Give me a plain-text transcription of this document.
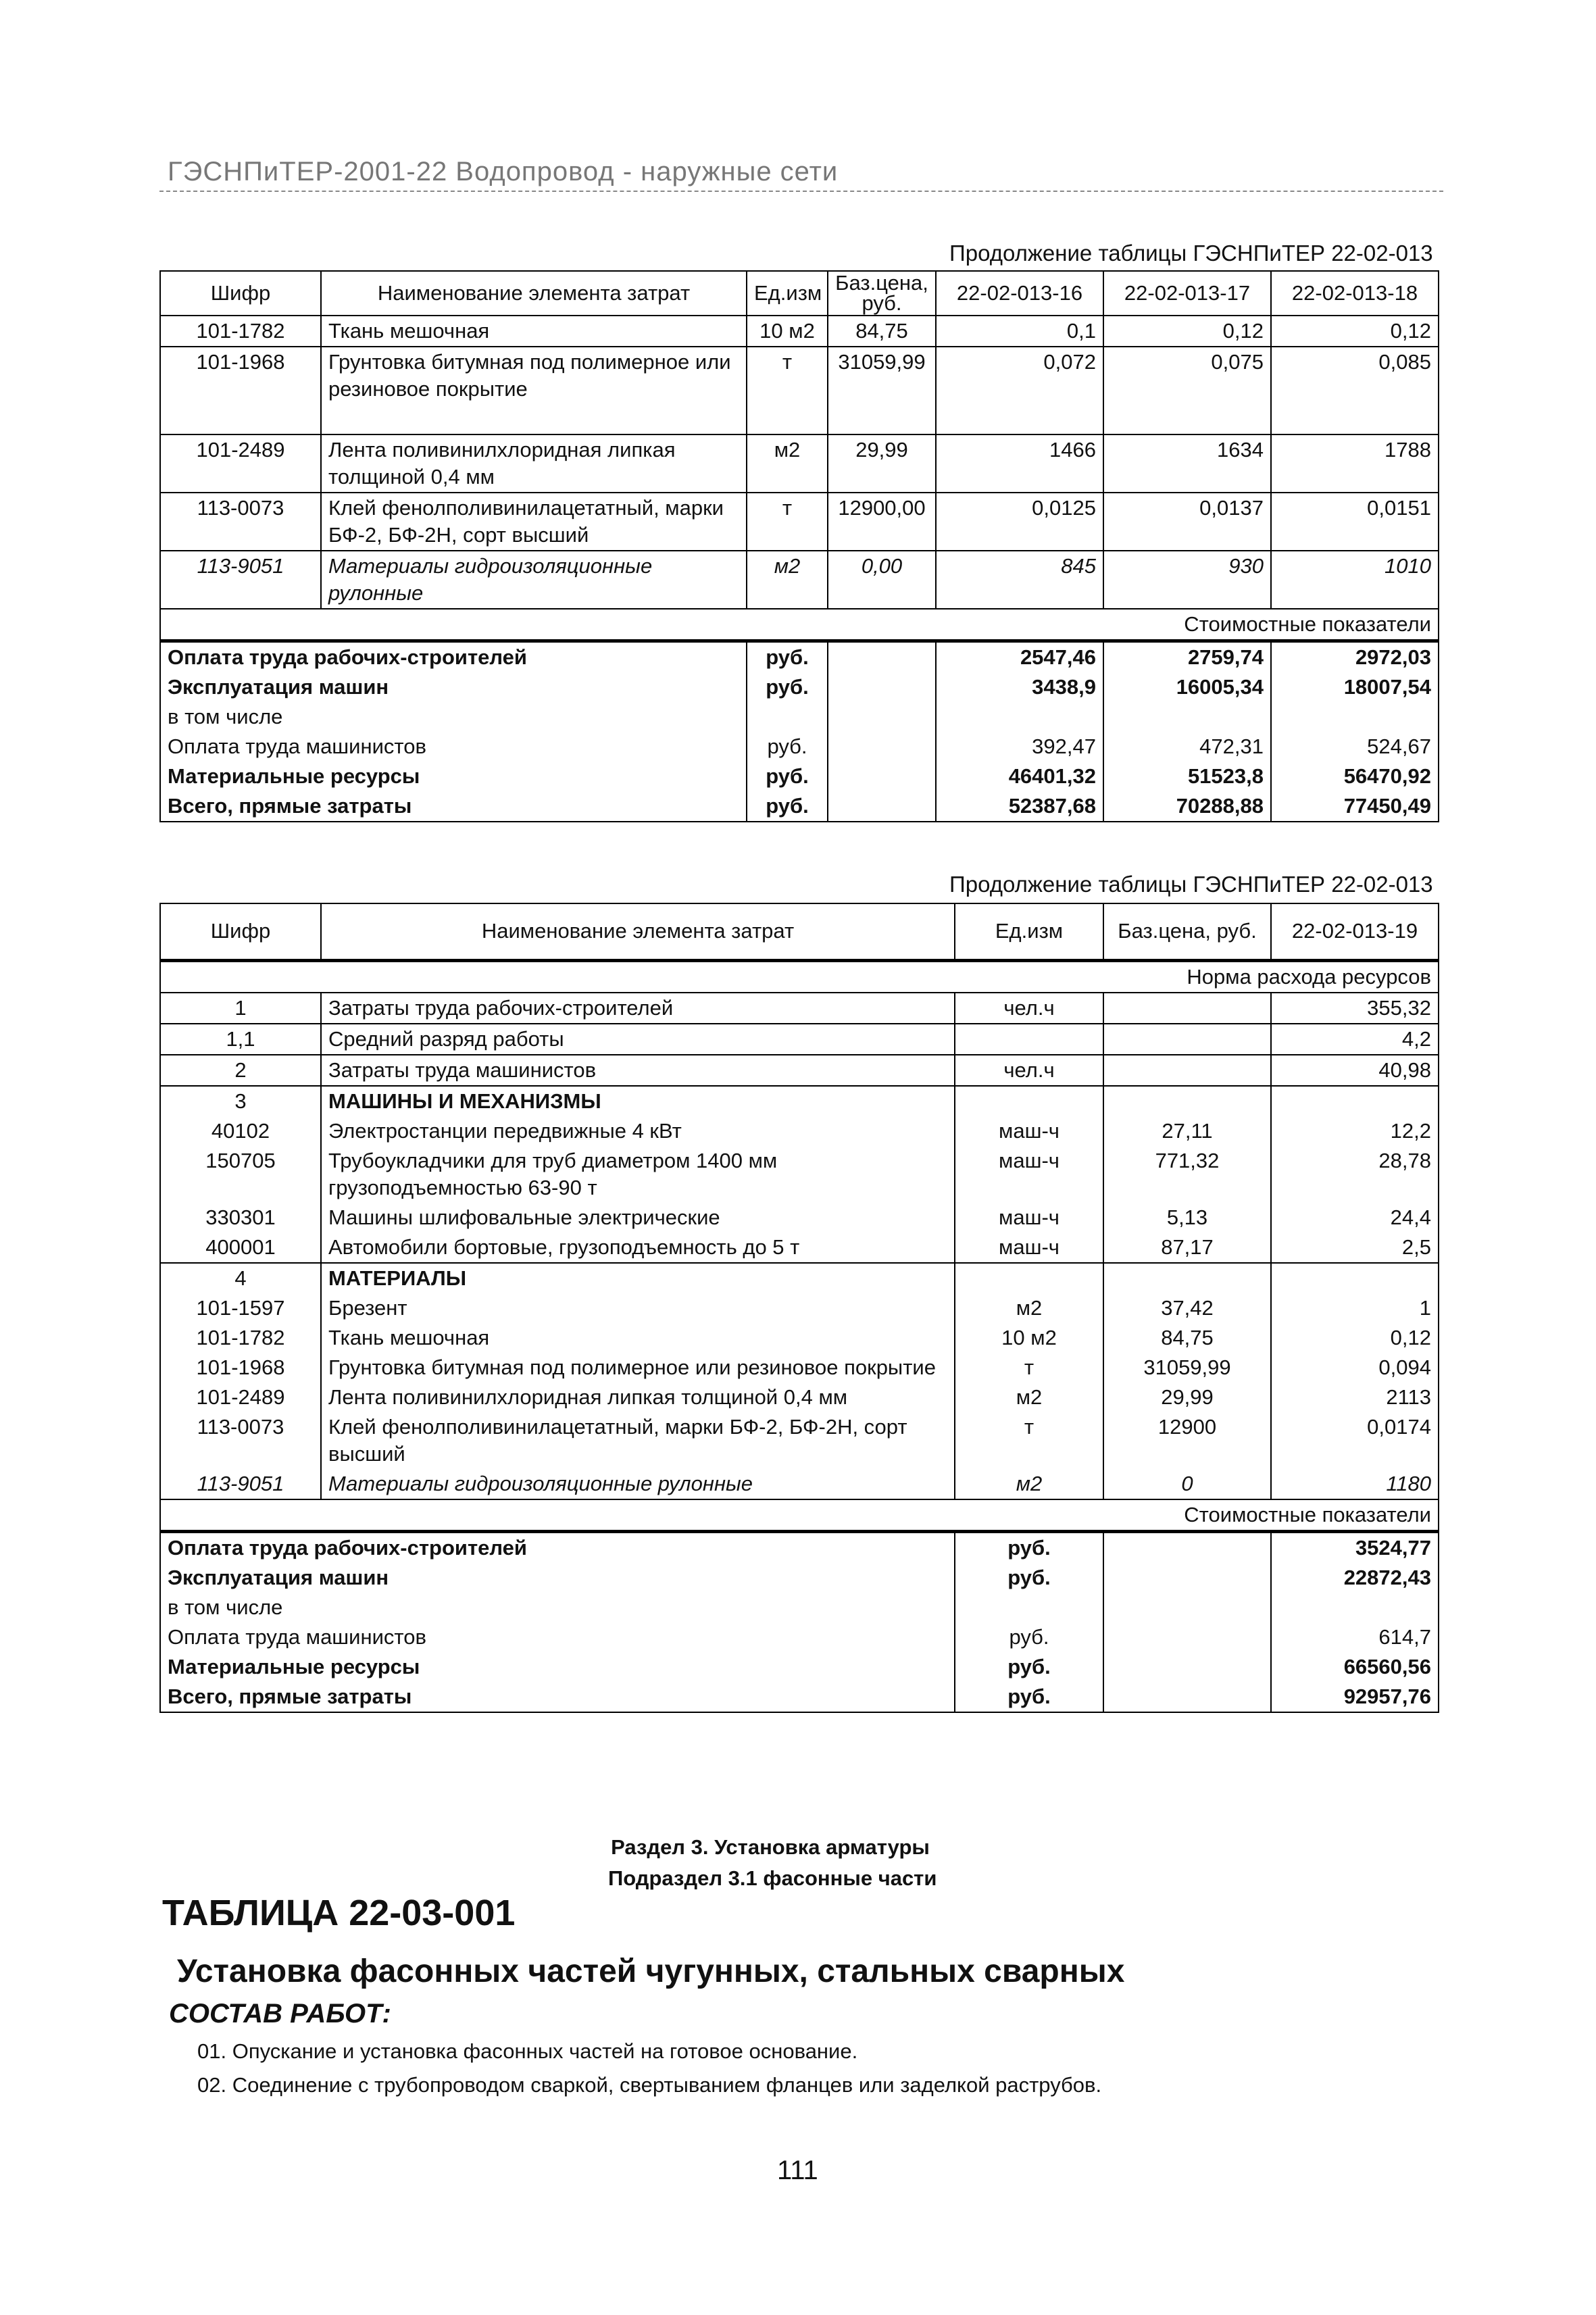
ГЭСНПиТЕР-2001-22 Водопровод - наружные сети
Продолжение таблицы ГЭСНПиТЕР 22-02-013
Шифр	Наименование элемента затрат	Ед.изм	Баз.цена, руб.	22-02-013-16	22-02-013-17	22-02-013-18
101-1782	Ткань мешочная	10 м2	84,75	0,1	0,12	0,12
101-1968	Грунтовка битумная под полимерное или резиновое покрытие	т	31059,99	0,072	0,075	0,085
101-2489	Лента поливинилхлоридная липкая толщиной 0,4 мм	м2	29,99	1466	1634	1788
113-0073	Клей фенолполивинилацетатный, марки БФ-2, БФ-2Н, сорт высший	т	12900,00	0,0125	0,0137	0,0151
113-9051	Материалы гидроизоляционные рулонные	м2	0,00	845	930	1010
Стоимостные показатели						
Оплата труда рабочих-строителей		руб.		2547,46	2759,74	2972,03
Эксплуатация машин		руб.		3438,9	16005,34	18007,54
в том числе						
Оплата труда машинистов		руб.		392,47	472,31	524,67
Материальные ресурсы		руб.		46401,32	51523,8	56470,92
Всего, прямые затраты		руб.		52387,68	70288,88	77450,49
Продолжение таблицы ГЭСНПиТЕР 22-02-013
Шифр	Наименование элемента затрат	Ед.изм	Баз.цена, руб.	22-02-013-19
Норма расхода ресурсов				
1	Затраты труда рабочих-строителей	чел.ч		355,32
1,1	Средний разряд работы			4,2
2	Затраты труда машинистов	чел.ч		40,98
3	МАШИНЫ И МЕХАНИЗМЫ			
40102	Электростанции передвижные 4 кВт	маш-ч	27,11	12,2
150705	Трубоукладчики для труб диаметром 1400 мм грузоподъемностью 63-90 т	маш-ч	771,32	28,78
330301	Машины шлифовальные электрические	маш-ч	5,13	24,4
400001	Автомобили бортовые, грузоподъемность до 5 т	маш-ч	87,17	2,5
4	МАТЕРИАЛЫ			
101-1597	Брезент	м2	37,42	1
101-1782	Ткань мешочная	10 м2	84,75	0,12
101-1968	Грунтовка битумная под полимерное или резиновое покрытие	т	31059,99	0,094
101-2489	Лента поливинилхлоридная липкая толщиной 0,4 мм	м2	29,99	2113
113-0073	Клей фенолполивинилацетатный, марки БФ-2, БФ-2Н, сорт высший	т	12900	0,0174
113-9051	Материалы гидроизоляционные рулонные	м2	0	1180
Стоимостные показатели				
Оплата труда рабочих-строителей		руб.		3524,77
Эксплуатация машин		руб.		22872,43
в том числе				
Оплата труда машинистов		руб.		614,7
Материальные ресурсы		руб.		66560,56
Всего, прямые затраты		руб.		92957,76
Раздел 3. Установка арматуры
Подраздел 3.1 фасонные части
ТАБЛИЦА 22-03-001
Установка фасонных частей чугунных, стальных сварных
СОСТАВ РАБОТ:
01. Опускание и установка фасонных частей на готовое основание.
02. Соединение с трубопроводом сваркой, свертыванием фланцев или заделкой раструбов.
111
